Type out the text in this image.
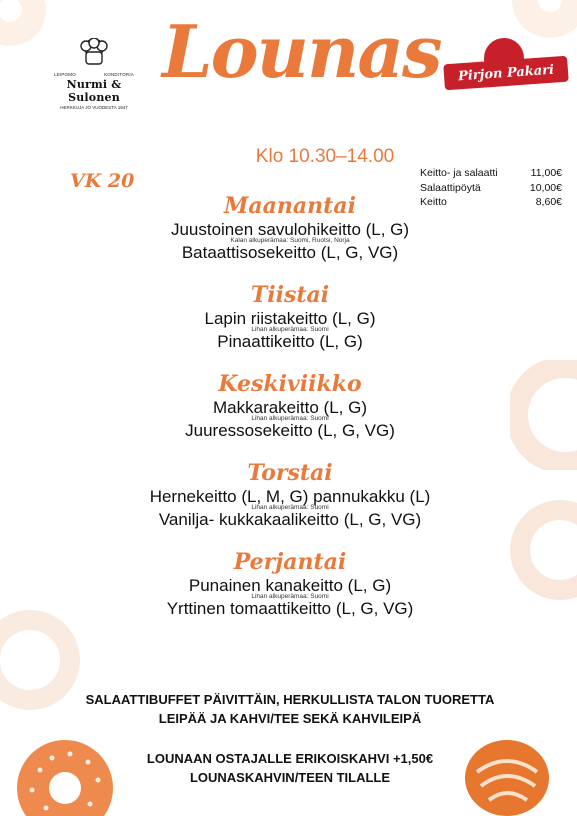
LEIPOMO	KONDITORIA
Nurmi & Sulonen
HERKKUJA JO VUODESTA 1947
Lounas Pirjon Pakari
Klo 10.30–14.00
VK 20	Keitto- ja salaatti	11,00€
Salaattipöytä	10,00€
Keitto	8,60€
Maanantai
Juustoinen savulohikeitto (L, G)
Kalan alkuperämaa: Suomi, Ruotsi, Norja
Bataattisosekeitto (L, G, VG)
Tiistai
Lapin riistakeitto (L, G)
Lihan alkuperämaa: Suomi
Pinaattikeitto (L, G)
Keskiviikko
Makkarakeitto (L, G)
Lihan alkuperämaa: Suomi
Juuressosekeitto (L, G, VG)
Torstai
Hernekeitto (L, M, G) pannukakku (L)
Lihan alkuperämaa: Suomi
Vanilja- kukkakaalikeitto (L, G, VG)
Perjantai
Punainen kanakeitto (L, G)
Lihan alkuperämaa: Suomi
Yrttinen tomaattikeitto (L, G, VG)

SALAATTIBUFFET PÄIVITTÄIN, HERKULLISTA TALON TUORETTA

LEIPÄÄ JA KAHVI/TEE SEKÄ KAHVILEIPÄ

LOUNAAN OSTAJALLE ERIKOISKAHVI +1,50€

LOUNASKAHVIN/TEEN TILALLE
